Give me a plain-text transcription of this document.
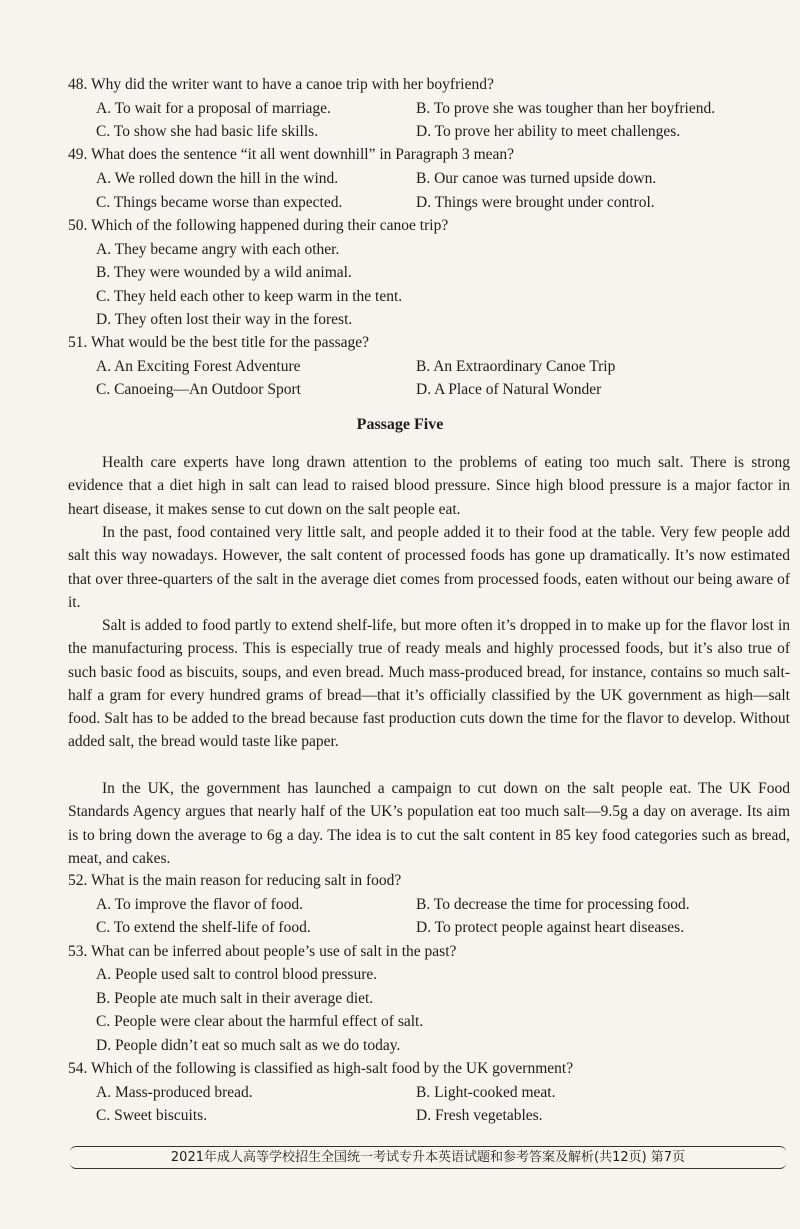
48. Why did the writer want to have a canoe trip with her boyfriend?
A. To wait for a proposal of marriage.	B. To prove she was tougher than her boyfriend.
C. To show she had basic life skills.	D. To prove her ability to meet challenges.
49. What does the sentence “it all went downhill” in Paragraph 3 mean?
A. We rolled down the hill in the wind.	B. Our canoe was turned upside down.
C. Things became worse than expected.	D. Things were brought under control.
50. Which of the following happened during their canoe trip?
A. They became angry with each other.
B. They were wounded by a wild animal.
C. They held each other to keep warm in the tent.
D. They often lost their way in the forest.
51. What would be the best title for the passage?
A. An Exciting Forest Adventure	B. An Extraordinary Canoe Trip
C. Canoeing—An Outdoor Sport	D. A Place of Natural Wonder
Passage Five

Health care experts have long drawn attention to the problems of eating too much salt. There is strong evidence that a diet high in salt can lead to raised blood pressure. Since high blood pressure is a major factor in heart disease, it makes sense to cut down on the salt people eat.

In the past, food contained very little salt, and people added it to their food at the table. Very few people add salt this way nowadays. However, the salt content of processed foods has gone up dramatically. It’s now estimated that over three-quarters of the salt in the average diet comes from processed foods, eaten without our being aware of it.

Salt is added to food partly to extend shelf-life, but more often it’s dropped in to make up for the flavor lost in the manufacturing process. This is especially true of ready meals and highly processed foods, but it’s also true of such basic food as biscuits, soups, and even bread. Much mass-produced bread, for instance, contains so much salt-half a gram for every hundred grams of bread—that it’s officially classified by the UK government as high—salt food. Salt has to be added to the bread because fast production cuts down the time for the flavor to develop. Without added salt, the bread would taste like paper.

In the UK, the government has launched a campaign to cut down on the salt people eat. The UK Food Standards Agency argues that nearly half of the UK’s population eat too much salt—9.5g a day on average. Its aim is to bring down the average to 6g a day. The idea is to cut the salt content in 85 key food categories such as bread, meat, and cakes.

52. What is the main reason for reducing salt in food?
A. To improve the flavor of food.	B. To decrease the time for processing food.
C. To extend the shelf-life of food.	D. To protect people against heart diseases.
53. What can be inferred about people’s use of salt in the past?
A. People used salt to control blood pressure.
B. People ate much salt in their average diet.
C. People were clear about the harmful effect of salt.
D. People didn’t eat so much salt as we do today.
54. Which of the following is classified as high-salt food by the UK government?
A. Mass-produced bread.	B. Light-cooked meat.
C. Sweet biscuits.	D. Fresh vegetables.
2021年成人高等学校招生全国统一考试专升本英语试题和参考答案及解析(共12页) 第7页
